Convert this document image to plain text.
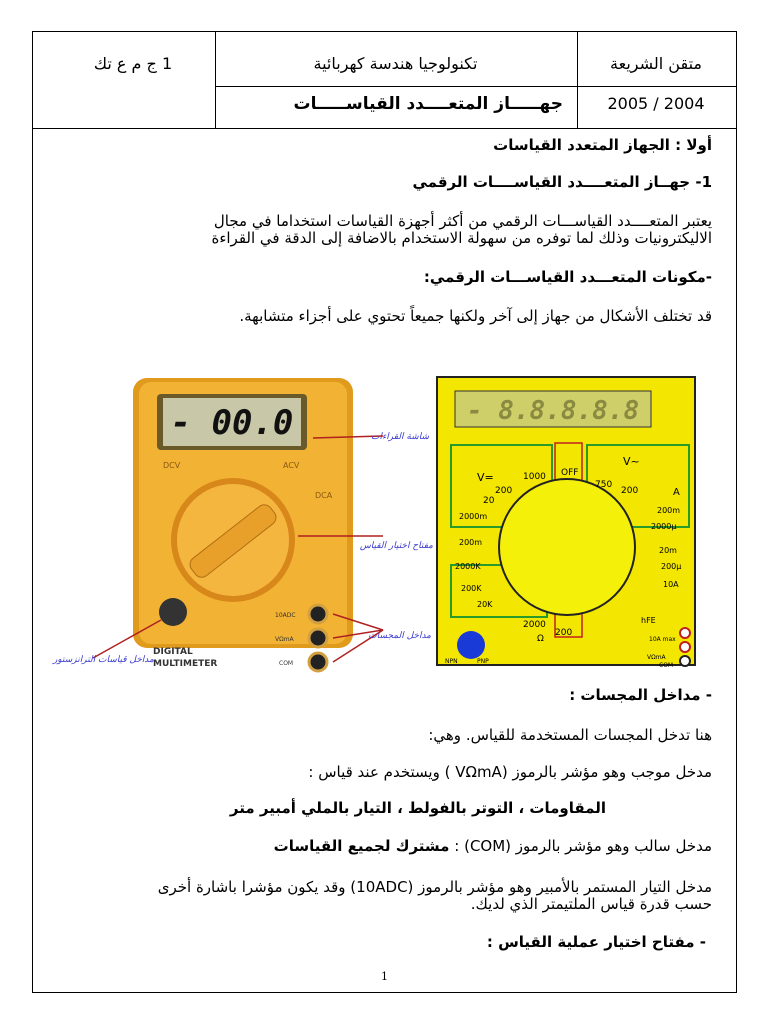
1 ج م ع تك	تكنولوجيا هندسة كهربائية	متقن الشريعة
جهـــــاز المتعــــدد القياســـــات	2004 / 2005
أولا : الجهاز المتعدد القياسات
1- جهــاز المتعــــدد القياســــات الرقمي
يعتبر المتعــــدد القياســـات الرقمي من أكثر أجهزة القياسات استخداما في مجال
الاليكترونيات وذلك لما توفره من سهولة الاستخدام بالاضافة إلى الدقة في القراءة
-مكونات المتعـــدد القياســـات الرقمي:
قد تختلف الأشكال من جهاز إلى آخر ولكنها جميعاً تحتوي على أجزاء متشابهة.
- 00.0
DCV	ACV
DCA
10ADC
VΩmA
COM
DIGITAL
MULTIMETER
شاشة القراءات
مفتاح اختيار القياس
مداخل المجسات
مداخل قياسات الترانزستور
- 8.8.8.8.8
V=	1000 OFF
V~
750
200	A
200
20
2000m
200m
200m
2000μ
20m
200μ
2000K
200K
20K
2000
Ω
200
10A
hFE
10A max
VΩmA
COM
NPN	PNP
- مداخل المجسات :
هنا تدخل المجسات المستخدمة للقياس. وهي:
مدخل موجب وهو مؤشر بالرموز (VΩmA ) ويستخدم عند قياس :
المقاومات ، التوتر بالفولط ، التيار بالملي أمبير متر
مدخل سالب وهو مؤشر بالرموز (COM) : مشترك لجميع القياسات
مدخل التيار المستمر بالأمبير وهو مؤشر بالرموز (10ADC) وقد يكون مؤشرا باشارة أخرى
حسب قدرة قياس الملتيمتر الذي لديك.
- مفتاح اختيار عملية القياس :
1
